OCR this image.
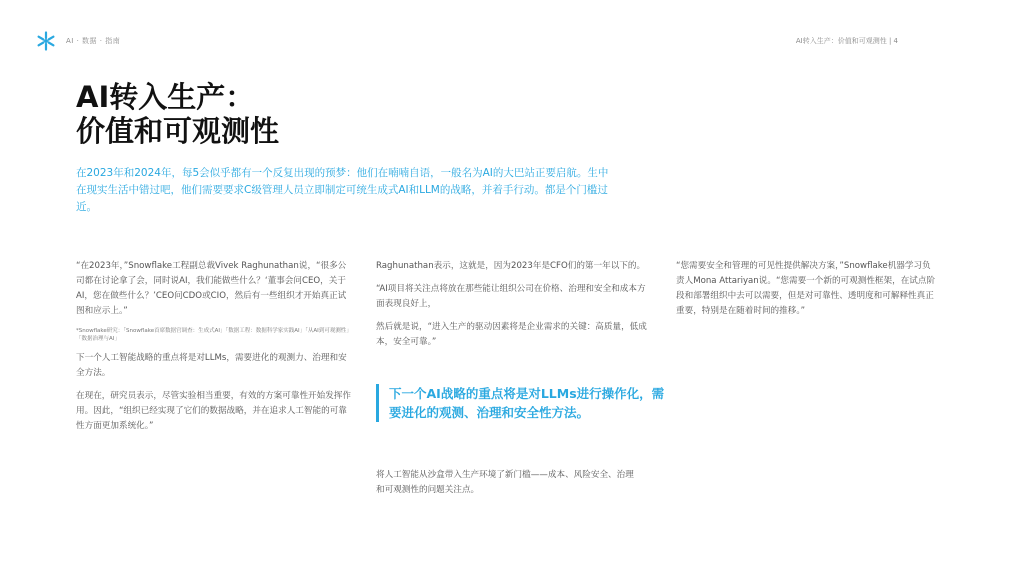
AI · 数据 · 指南	AI转入生产：价值和可观测性 | 4
AI转入生产：
价值和可观测性

在2023年和2024年，每5会似乎都有一个反复出现的预梦：他们在喃喃自语，一般名为AI的大巴站正要启航。生中在现实生活中错过吧，他们需要要求C级管理人员立即制定可统生成式AI和LLM的战略，并着手行动。都是个门槛过近。

“在2023年，”Snowflake工程副总裁Vivek Raghunathan说，“很多公司都在讨论拿了会，同时说AI，我们能做些什么？‘董事会问CEO，关于AI，您在做些什么？’CEO问CDO或CIO，然后有一些组织才开始真正试图和应示上。”

*Snowflake研究：「Snowflake首席数据官调查：生成式AI」「数据工程：数据科学家实践AI」「从AI到可观测性」「数据治理与AI」

下一个人工智能战略的重点将是对LLMs，需要进化的观测力、治理和安全方法。

在现在，研究员表示，尽管实验相当重要，有效的方案可靠性开始发挥作用。因此，“组织已经实现了它们的数据战略，并在追求人工智能的可靠性方面更加系统化。”

Raghunathan表示，这就是，因为2023年是CFO们的第一年以下的。

“AI项目将关注点将放在那些能让组织公司在价格、治理和安全和成本方面表现良好上，

然后就是说，“进入生产的驱动因素将是企业需求的关键：高质量，低成本，安全可靠。”

下一个AI战略的重点将是对LLMs进行操作化，需要进化的观测、治理和安全性方法。

将人工智能从沙盒带入生产环境了新门槛——成本、风险安全、治理和可观测性的问题关注点。

“您需要安全和管理的可见性提供解决方案，”Snowflake机器学习负责人Mona Attariyan说。“您需要一个新的可观测性框架，在试点阶段和部署组织中去可以需要，但是对可靠性、透明度和可解释性真正重要，特别是在随着时间的推移。”
